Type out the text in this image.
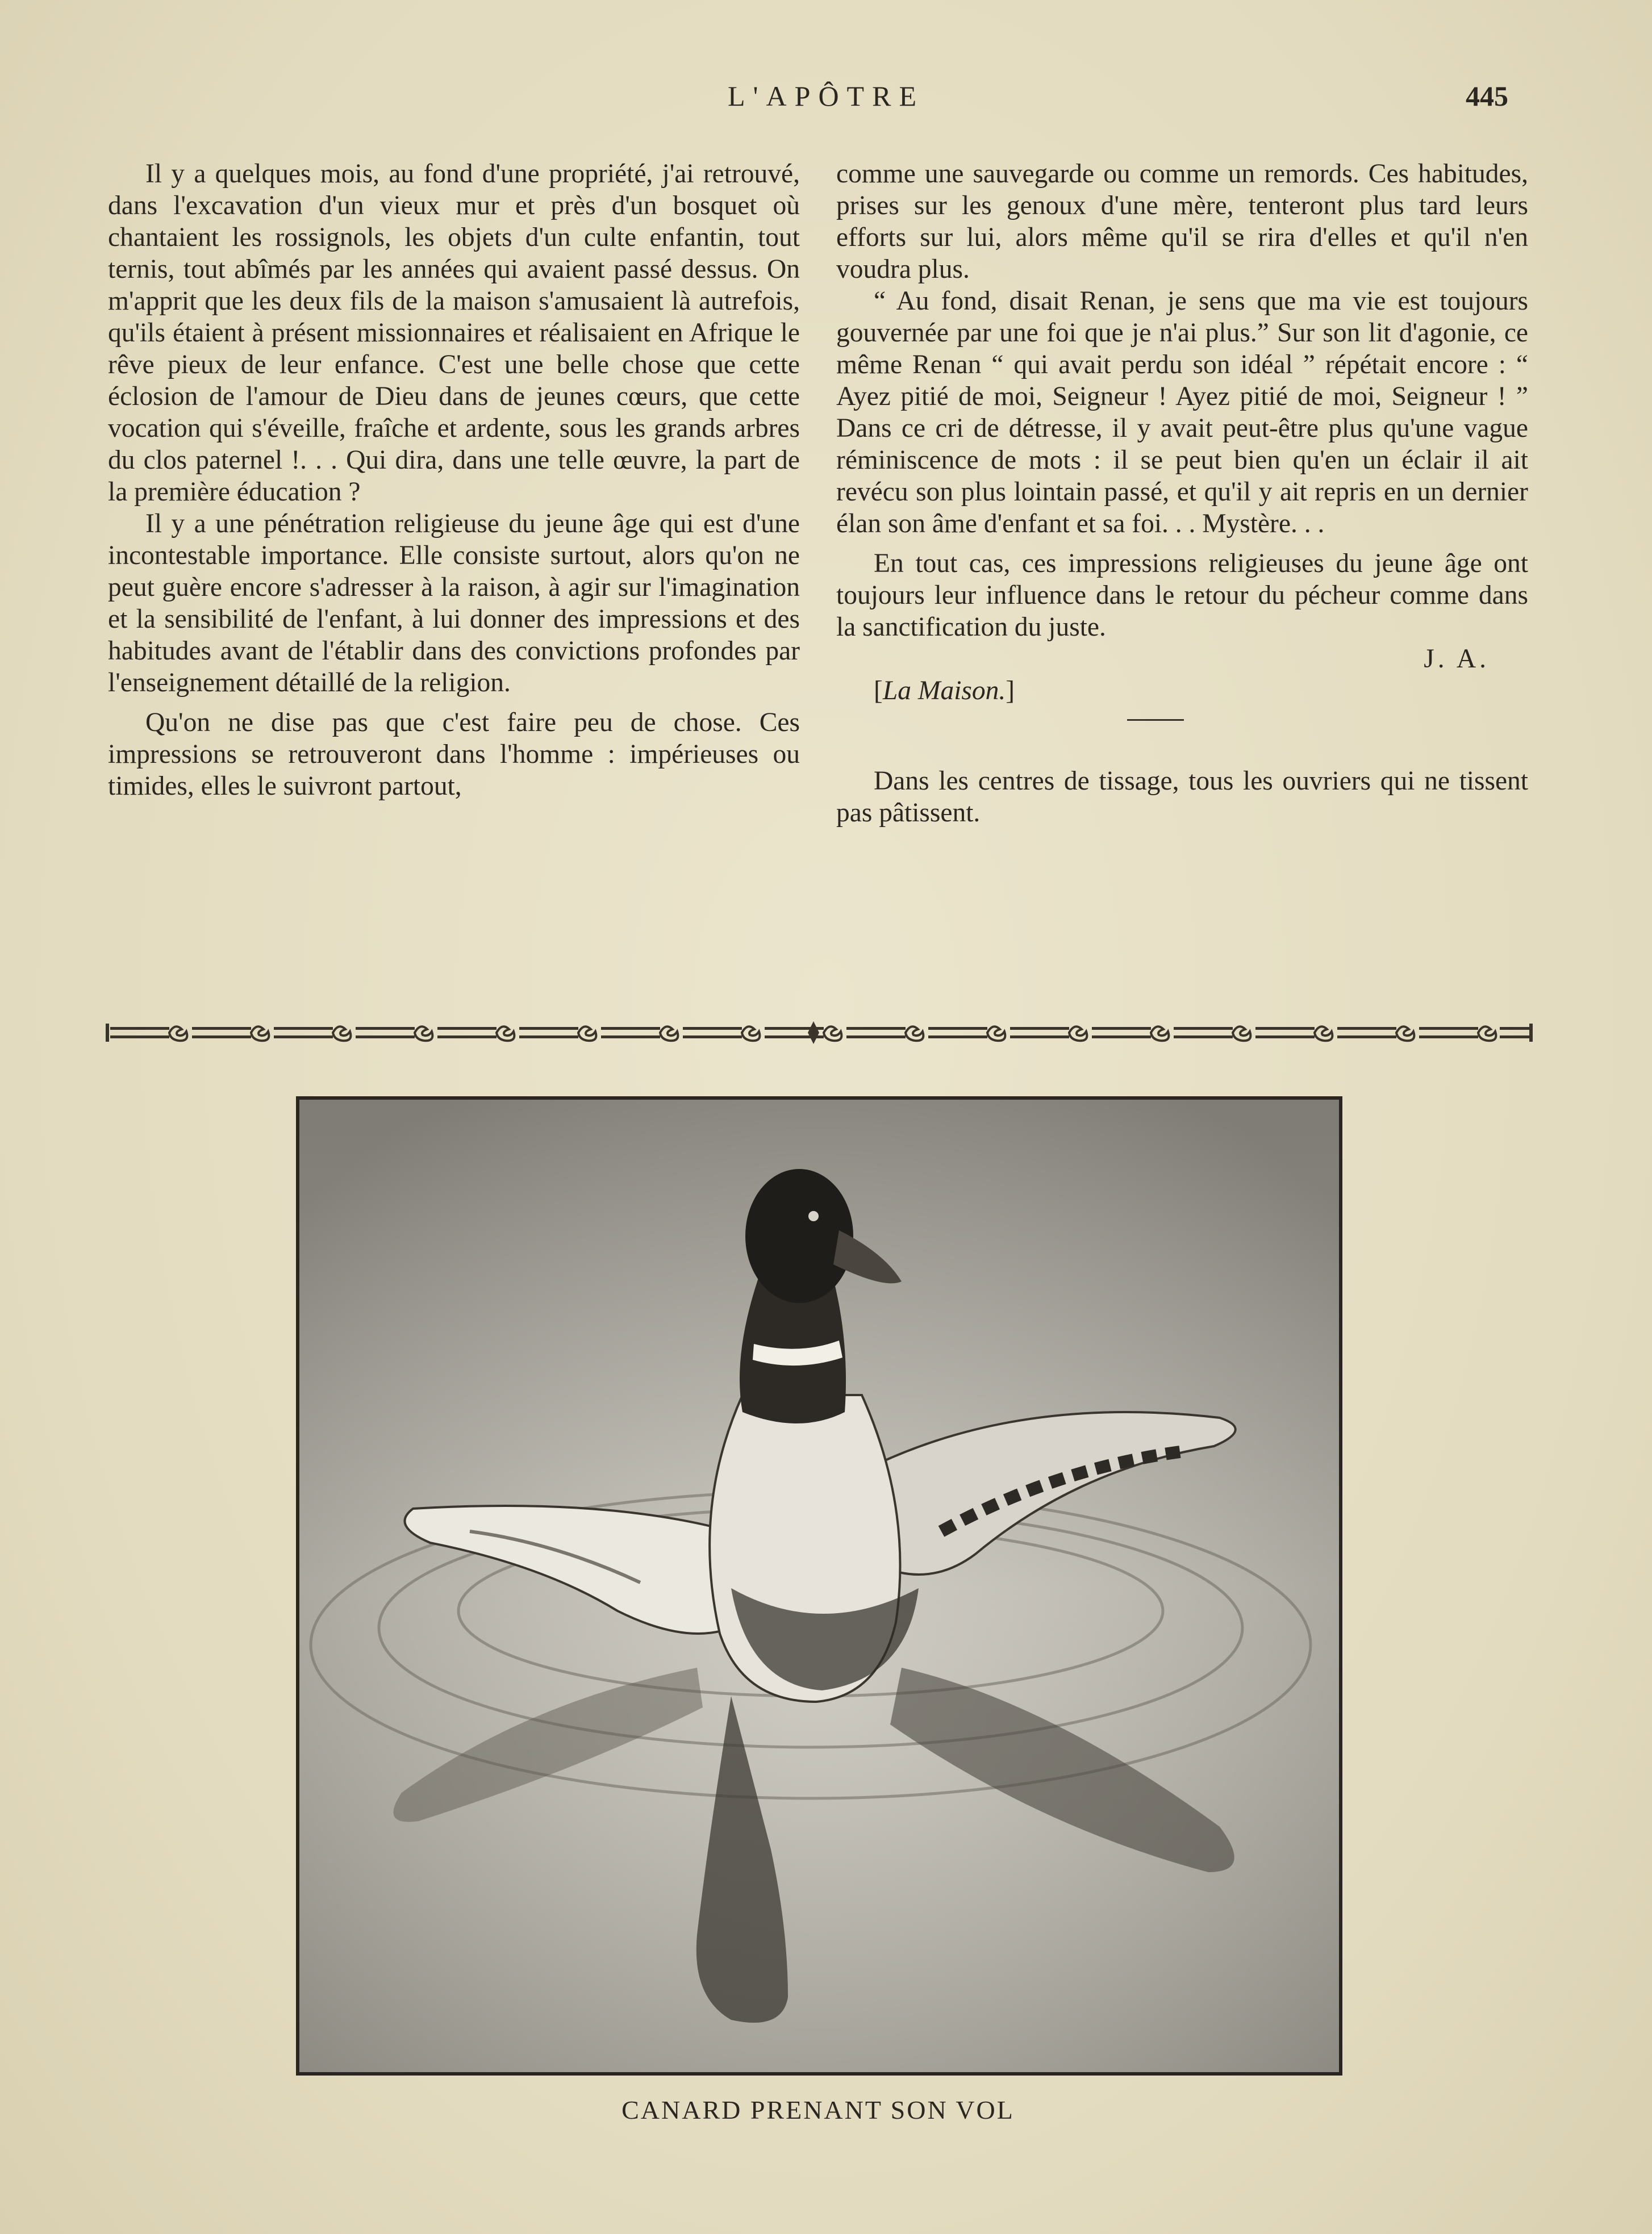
L'APÔTRE	445

Il y a quelques mois, au fond d'une propriété, j'ai retrouvé, dans l'excavation d'un vieux mur et près d'un bosquet où chantaient les rossignols, les objets d'un culte enfantin, tout ternis, tout abîmés par les années qui avaient passé dessus. On m'apprit que les deux fils de la maison s'amusaient là autrefois, qu'ils étaient à présent missionnaires et réalisaient en Afrique le rêve pieux de leur enfance. C'est une belle chose que cette éclosion de l'amour de Dieu dans de jeunes cœurs, que cette vocation qui s'éveille, fraîche et ardente, sous les grands arbres du clos paternel !. . . Qui dira, dans une telle œuvre, la part de la première éducation ?

Il y a une pénétration religieuse du jeune âge qui est d'une incontestable importance. Elle consiste surtout, alors qu'on ne peut guère encore s'adresser à la raison, à agir sur l'imagination et la sensibilité de l'enfant, à lui donner des impressions et des habitudes avant de l'établir dans des convictions profondes par l'enseignement détaillé de la religion.

Qu'on ne dise pas que c'est faire peu de chose. Ces impressions se retrouveront dans l'homme : impérieuses ou timides, elles le suivront partout,

comme une sauvegarde ou comme un remords. Ces habitudes, prises sur les genoux d'une mère, tenteront plus tard leurs efforts sur lui, alors même qu'il se rira d'elles et qu'il n'en voudra plus.

“ Au fond, disait Renan, je sens que ma vie est toujours gouvernée par une foi que je n'ai plus.” Sur son lit d'agonie, ce même Renan “ qui avait perdu son idéal ” répétait encore : “ Ayez pitié de moi, Seigneur ! Ayez pitié de moi, Seigneur ! ” Dans ce cri de détresse, il y avait peut-être plus qu'une vague réminiscence de mots : il se peut bien qu'en un éclair il ait revécu son plus lointain passé, et qu'il y ait repris en un dernier élan son âme d'enfant et sa foi. . . Mystère. . .

En tout cas, ces impressions religieuses du jeune âge ont toujours leur influence dans le retour du pécheur comme dans la sanctification du juste.

J. A.

[La Maison.]

Dans les centres de tissage, tous les ouvriers qui ne tissent pas pâtissent.

CANARD PRENANT SON VOL
